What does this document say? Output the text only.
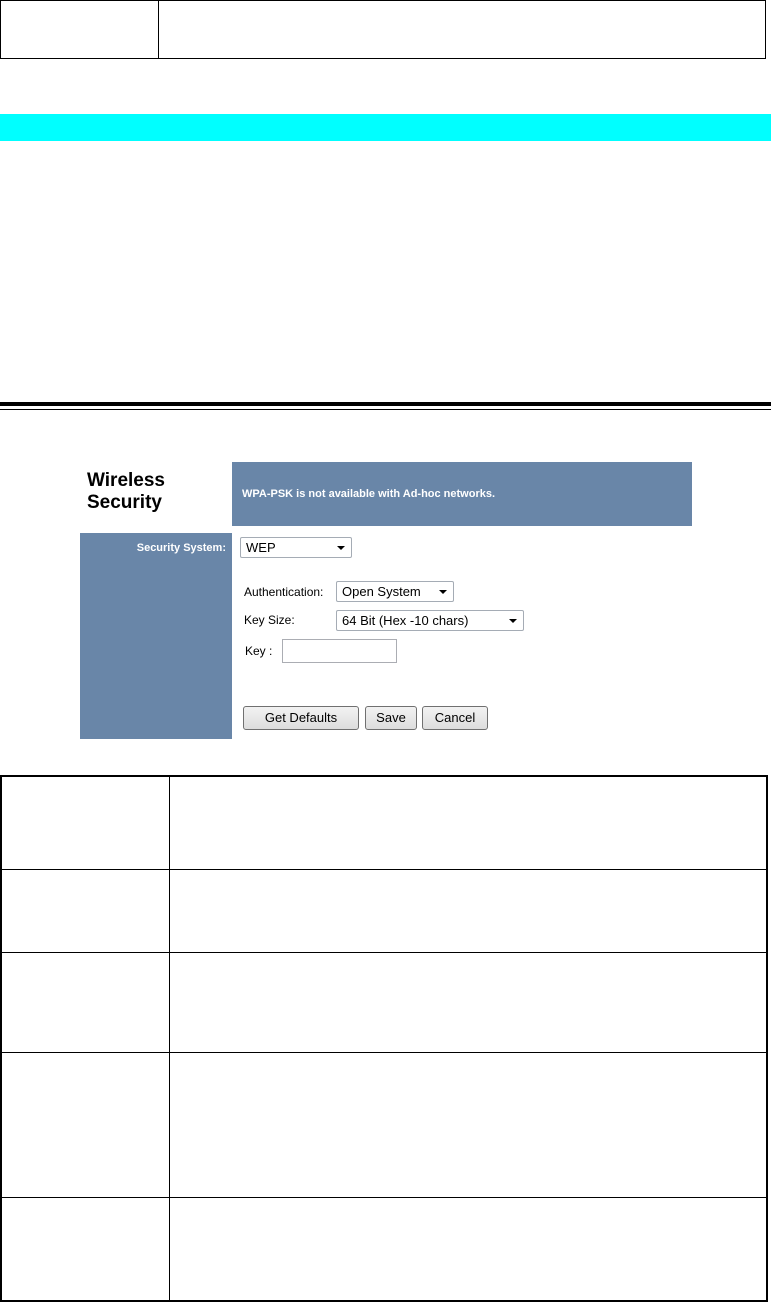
Wireless
Security	WPA-PSK is not available with Ad-hoc networks.
Security System:	WEP
Authentication:	Open System
Key Size:	64 Bit (Hex -10 chars)
Key :
Get Defaults	Save	Cancel
